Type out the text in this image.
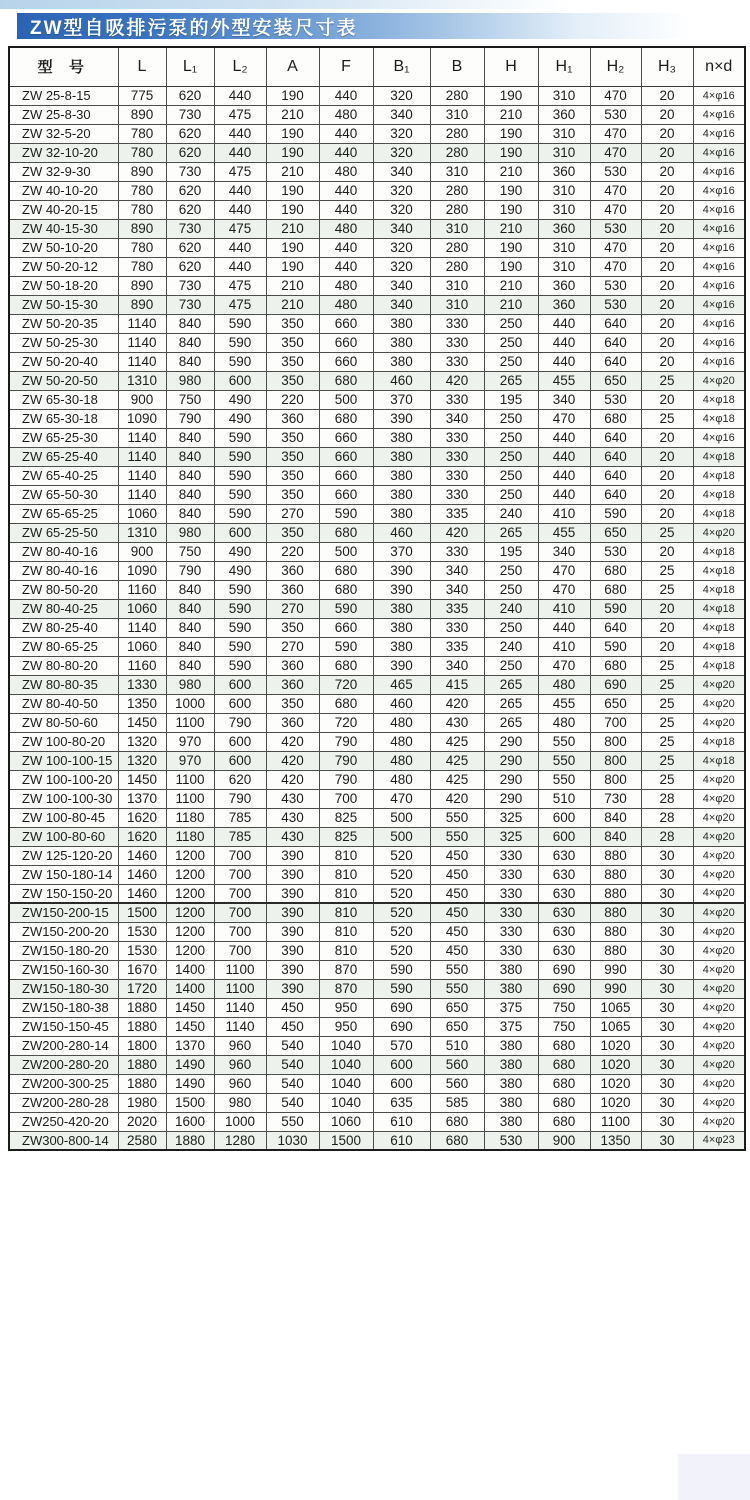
ZW型自吸排污泵的外型安装尺寸表
型 号	L	L₁	L₂	A	F	B₁	B	H	H₁	H₂	H₃	n×d
ZW 25-8-15	775	620	440	190	440	320	280	190	310	470	20	4×φ16
ZW 25-8-30	890	730	475	210	480	340	310	210	360	530	20	4×φ16
ZW 32-5-20	780	620	440	190	440	320	280	190	310	470	20	4×φ16
ZW 32-10-20	780	620	440	190	440	320	280	190	310	470	20	4×φ16
ZW 32-9-30	890	730	475	210	480	340	310	210	360	530	20	4×φ16
ZW 40-10-20	780	620	440	190	440	320	280	190	310	470	20	4×φ16
ZW 40-20-15	780	620	440	190	440	320	280	190	310	470	20	4×φ16
ZW 40-15-30	890	730	475	210	480	340	310	210	360	530	20	4×φ16
ZW 50-10-20	780	620	440	190	440	320	280	190	310	470	20	4×φ16
ZW 50-20-12	780	620	440	190	440	320	280	190	310	470	20	4×φ16
ZW 50-18-20	890	730	475	210	480	340	310	210	360	530	20	4×φ16
ZW 50-15-30	890	730	475	210	480	340	310	210	360	530	20	4×φ16
ZW 50-20-35	1140	840	590	350	660	380	330	250	440	640	20	4×φ16
ZW 50-25-30	1140	840	590	350	660	380	330	250	440	640	20	4×φ16
ZW 50-20-40	1140	840	590	350	660	380	330	250	440	640	20	4×φ16
ZW 50-20-50	1310	980	600	350	680	460	420	265	455	650	25	4×φ20
ZW 65-30-18	900	750	490	220	500	370	330	195	340	530	20	4×φ18
ZW 65-30-18	1090	790	490	360	680	390	340	250	470	680	25	4×φ18
ZW 65-25-30	1140	840	590	350	660	380	330	250	440	640	20	4×φ16
ZW 65-25-40	1140	840	590	350	660	380	330	250	440	640	20	4×φ18
ZW 65-40-25	1140	840	590	350	660	380	330	250	440	640	20	4×φ18
ZW 65-50-30	1140	840	590	350	660	380	330	250	440	640	20	4×φ18
ZW 65-65-25	1060	840	590	270	590	380	335	240	410	590	20	4×φ18
ZW 65-25-50	1310	980	600	350	680	460	420	265	455	650	25	4×φ20
ZW 80-40-16	900	750	490	220	500	370	330	195	340	530	20	4×φ18
ZW 80-40-16	1090	790	490	360	680	390	340	250	470	680	25	4×φ18
ZW 80-50-20	1160	840	590	360	680	390	340	250	470	680	25	4×φ18
ZW 80-40-25	1060	840	590	270	590	380	335	240	410	590	20	4×φ18
ZW 80-25-40	1140	840	590	350	660	380	330	250	440	640	20	4×φ18
ZW 80-65-25	1060	840	590	270	590	380	335	240	410	590	20	4×φ18
ZW 80-80-20	1160	840	590	360	680	390	340	250	470	680	25	4×φ18
ZW 80-80-35	1330	980	600	360	720	465	415	265	480	690	25	4×φ20
ZW 80-40-50	1350	1000	600	350	680	460	420	265	455	650	25	4×φ20
ZW 80-50-60	1450	1100	790	360	720	480	430	265	480	700	25	4×φ20
ZW 100-80-20	1320	970	600	420	790	480	425	290	550	800	25	4×φ18
ZW 100-100-15	1320	970	600	420	790	480	425	290	550	800	25	4×φ18
ZW 100-100-20	1450	1100	620	420	790	480	425	290	550	800	25	4×φ20
ZW 100-100-30	1370	1100	790	430	700	470	420	290	510	730	28	4×φ20
ZW 100-80-45	1620	1180	785	430	825	500	550	325	600	840	28	4×φ20
ZW 100-80-60	1620	1180	785	430	825	500	550	325	600	840	28	4×φ20
ZW 125-120-20	1460	1200	700	390	810	520	450	330	630	880	30	4×φ20
ZW 150-180-14	1460	1200	700	390	810	520	450	330	630	880	30	4×φ20
ZW 150-150-20	1460	1200	700	390	810	520	450	330	630	880	30	4×φ20
ZW150-200-15	1500	1200	700	390	810	520	450	330	630	880	30	4×φ20
ZW150-200-20	1530	1200	700	390	810	520	450	330	630	880	30	4×φ20
ZW150-180-20	1530	1200	700	390	810	520	450	330	630	880	30	4×φ20
ZW150-160-30	1670	1400	1100	390	870	590	550	380	690	990	30	4×φ20
ZW150-180-30	1720	1400	1100	390	870	590	550	380	690	990	30	4×φ20
ZW150-180-38	1880	1450	1140	450	950	690	650	375	750	1065	30	4×φ20
ZW150-150-45	1880	1450	1140	450	950	690	650	375	750	1065	30	4×φ20
ZW200-280-14	1800	1370	960	540	1040	570	510	380	680	1020	30	4×φ20
ZW200-280-20	1880	1490	960	540	1040	600	560	380	680	1020	30	4×φ20
ZW200-300-25	1880	1490	960	540	1040	600	560	380	680	1020	30	4×φ20
ZW200-280-28	1980	1500	980	540	1040	635	585	380	680	1020	30	4×φ20
ZW250-420-20	2020	1600	1000	550	1060	610	680	380	680	1100	30	4×φ20
ZW300-800-14	2580	1880	1280	1030	1500	610	680	530	900	1350	30	4×φ23
